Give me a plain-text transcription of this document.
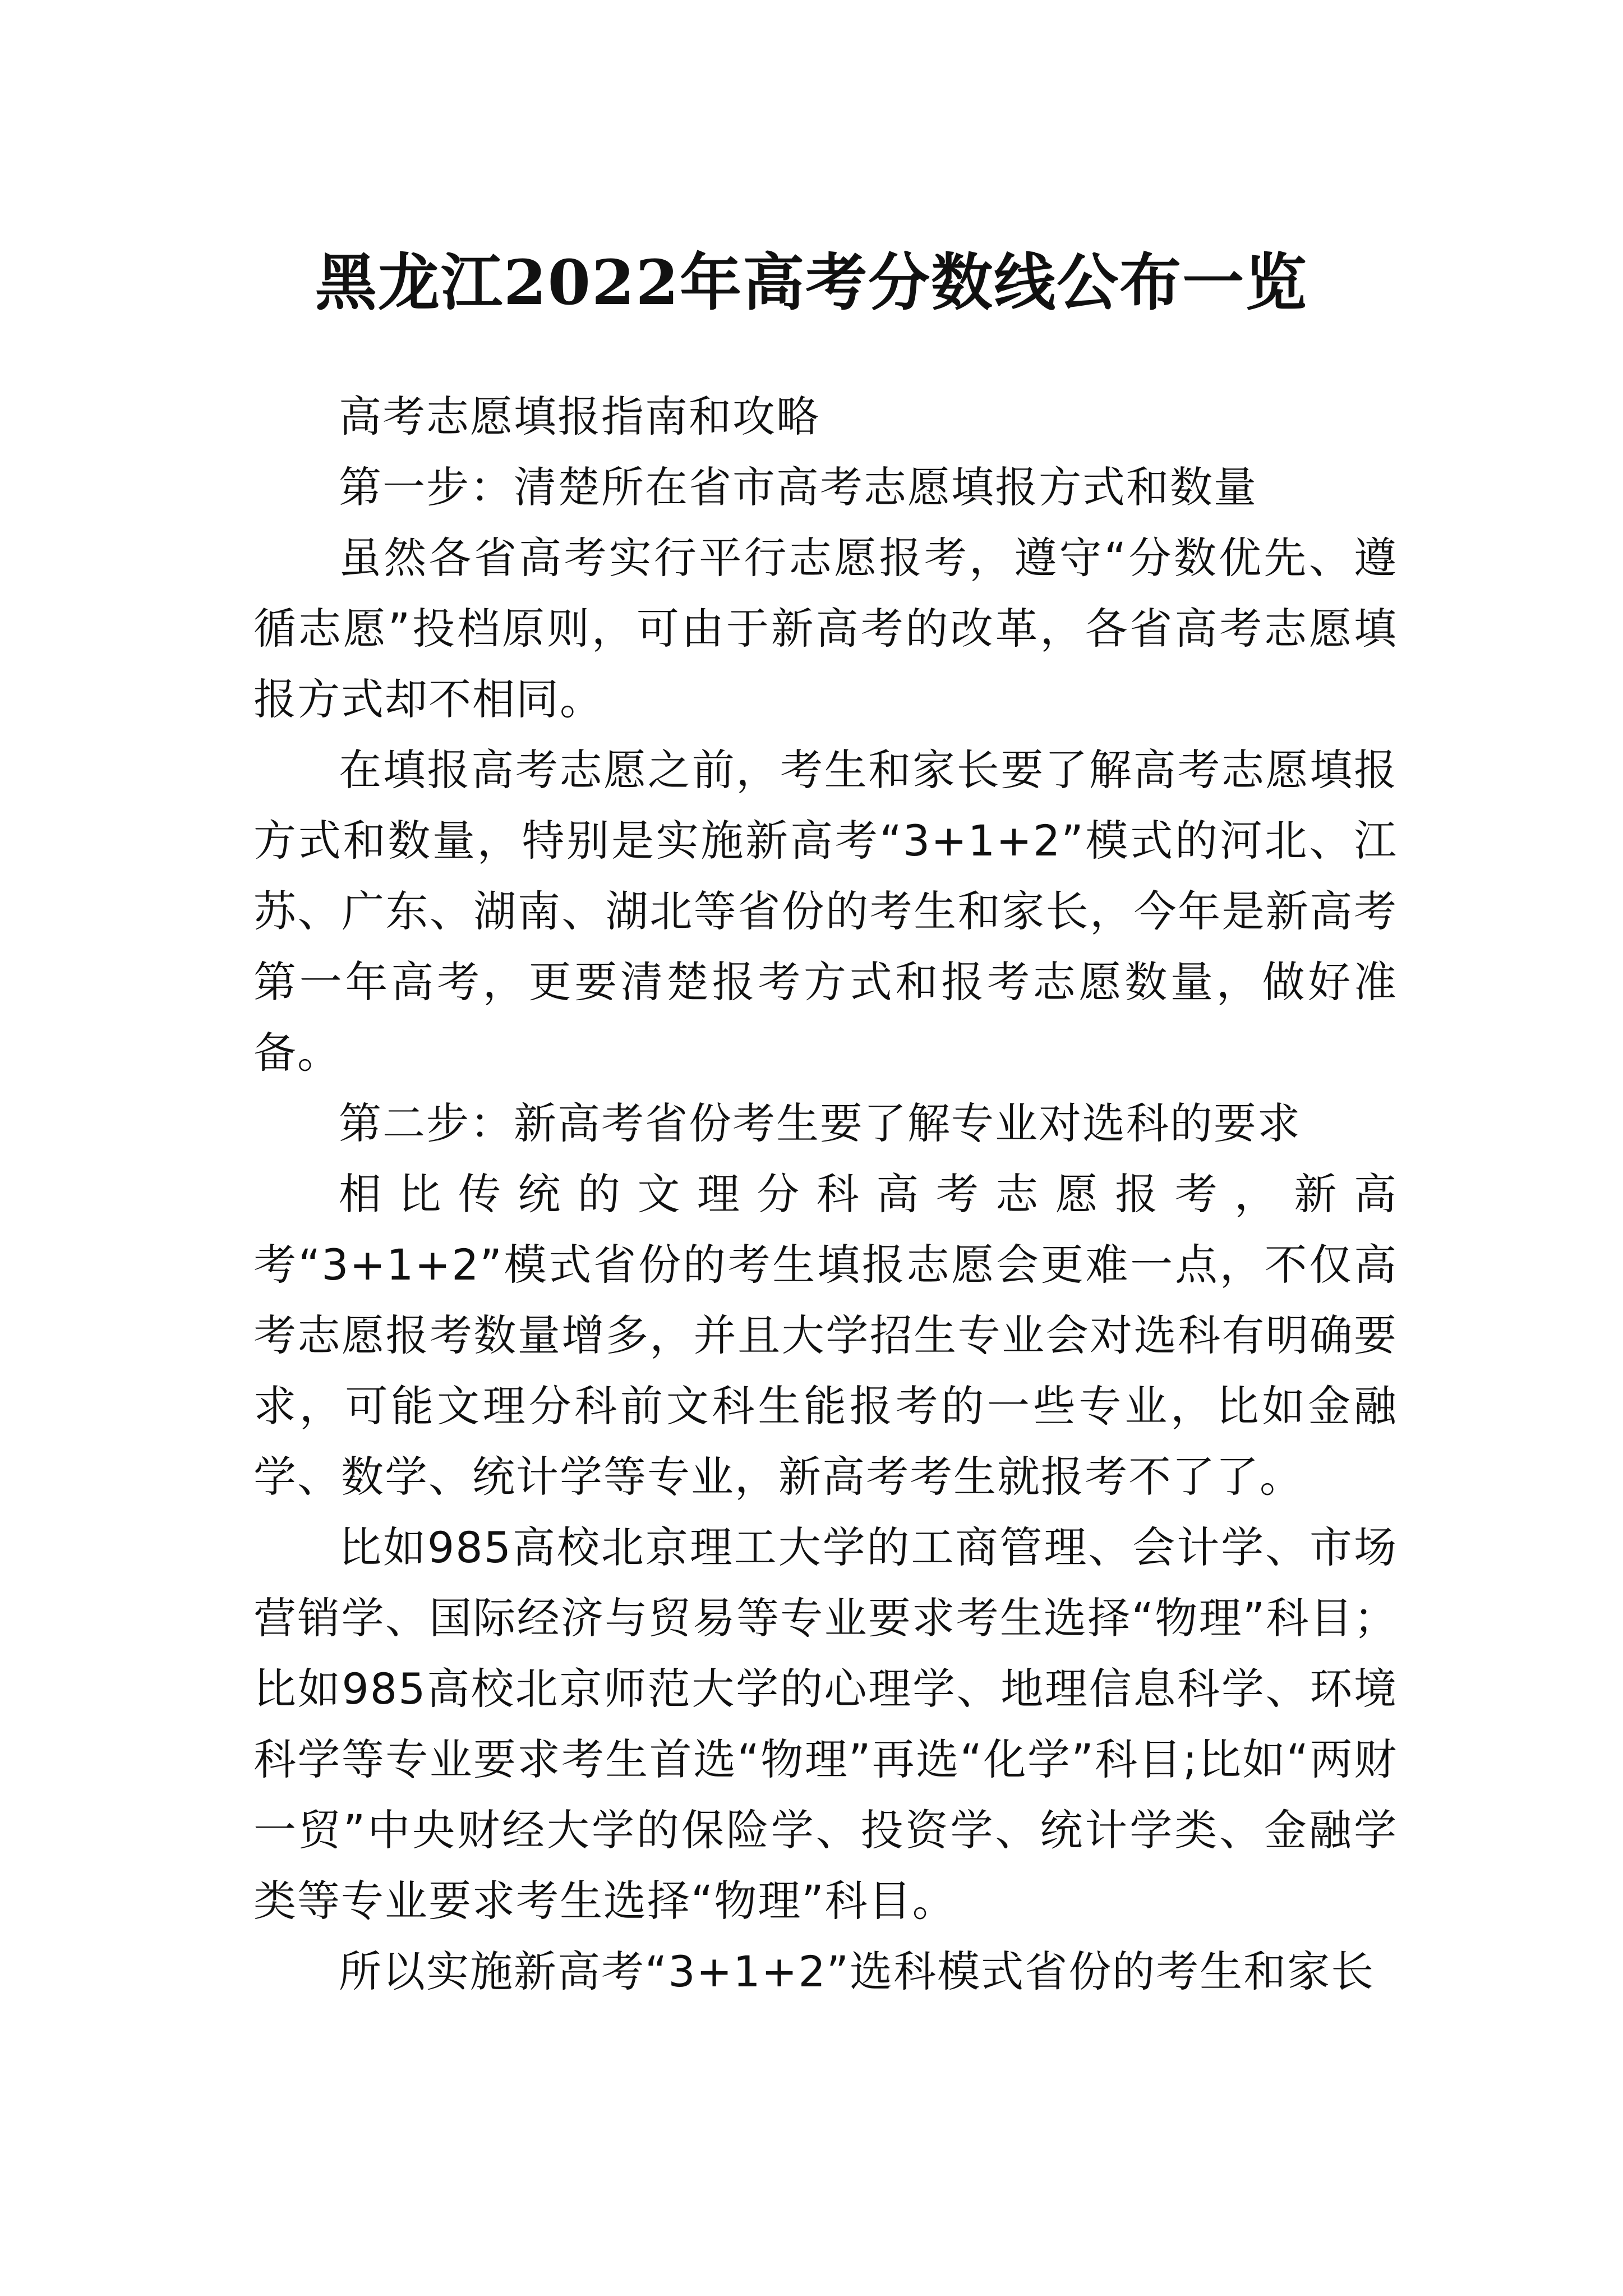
黑龙江2022年高考分数线公布一览

高考志愿填报指南和攻略

第一步：清楚所在省市高考志愿填报方式和数量

虽然各省高考实行平行志愿报考，遵守“分数优先、遵循志愿”投档原则，可由于新高考的改革，各省高考志愿填报方式却不相同。

在填报高考志愿之前，考生和家长要了解高考志愿填报方式和数量，特别是实施新高考“3+1+2”模式的河北、江苏、广东、湖南、湖北等省份的考生和家长，今年是新高考第一年高考，更要清楚报考方式和报考志愿数量，做好准备。

第二步：新高考省份考生要了解专业对选科的要求

相比传统的文理分科高考志愿报考，新高考“3+1+2”模式省份的考生填报志愿会更难一点，不仅高考志愿报考数量增多，并且大学招生专业会对选科有明确要求，可能文理分科前文科生能报考的一些专业，比如金融学、数学、统计学等专业，新高考考生就报考不了了。

比如985高校北京理工大学的工商管理、会计学、市场营销学、国际经济与贸易等专业要求考生选择“物理”科目；比如985高校北京师范大学的心理学、地理信息科学、环境科学等专业要求考生首选“物理”再选“化学”科目;比如“两财一贸”中央财经大学的保险学、投资学、统计学类、金融学类等专业要求考生选择“物理”科目。

所以实施新高考“3+1+2”选科模式省份的考生和家长
